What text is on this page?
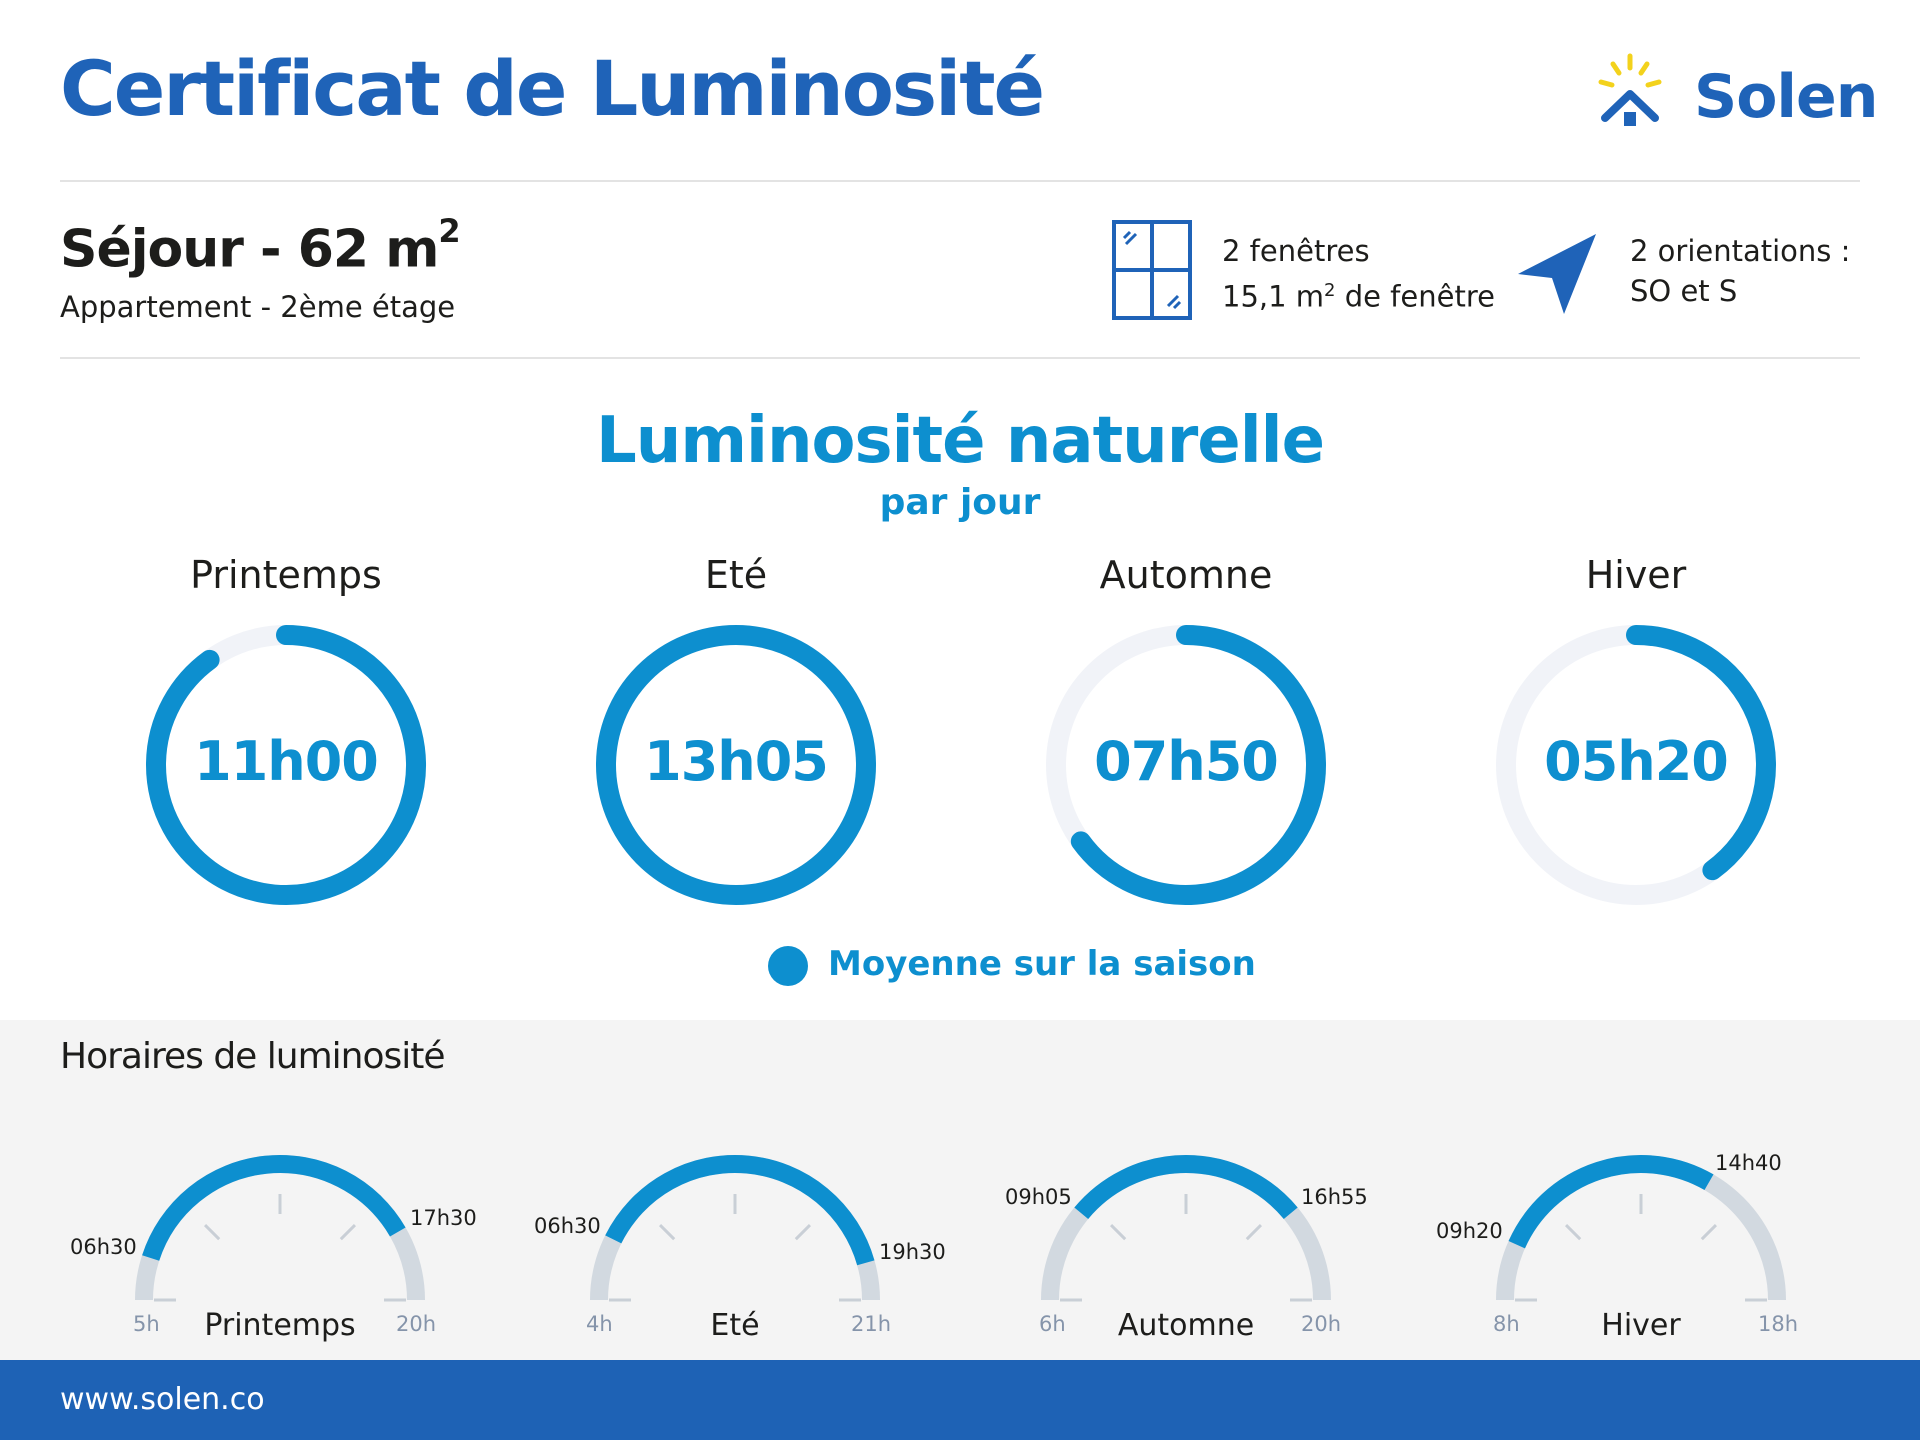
Certificat de Luminosité	Solen
Séjour - 62 $m^2$
Appartement - 2ème étage
2 fenêtres
15,1 $m^2$ de fenêtre
2 orientations :
SO et S
Luminosité naturelle
par jour
Printemps	Eté	Automne	Hiver
11h00	13h05	07h50	05h20
Moyenne sur la saison
Horaires de luminosité
06h30
17h30
5h	20h
Printemps
06h30
19h30
4h	21h
Eté
09h05	16h55
6h	20h
Automne
09h20
14h40
8h	18h
Hiver
www.solen.co
